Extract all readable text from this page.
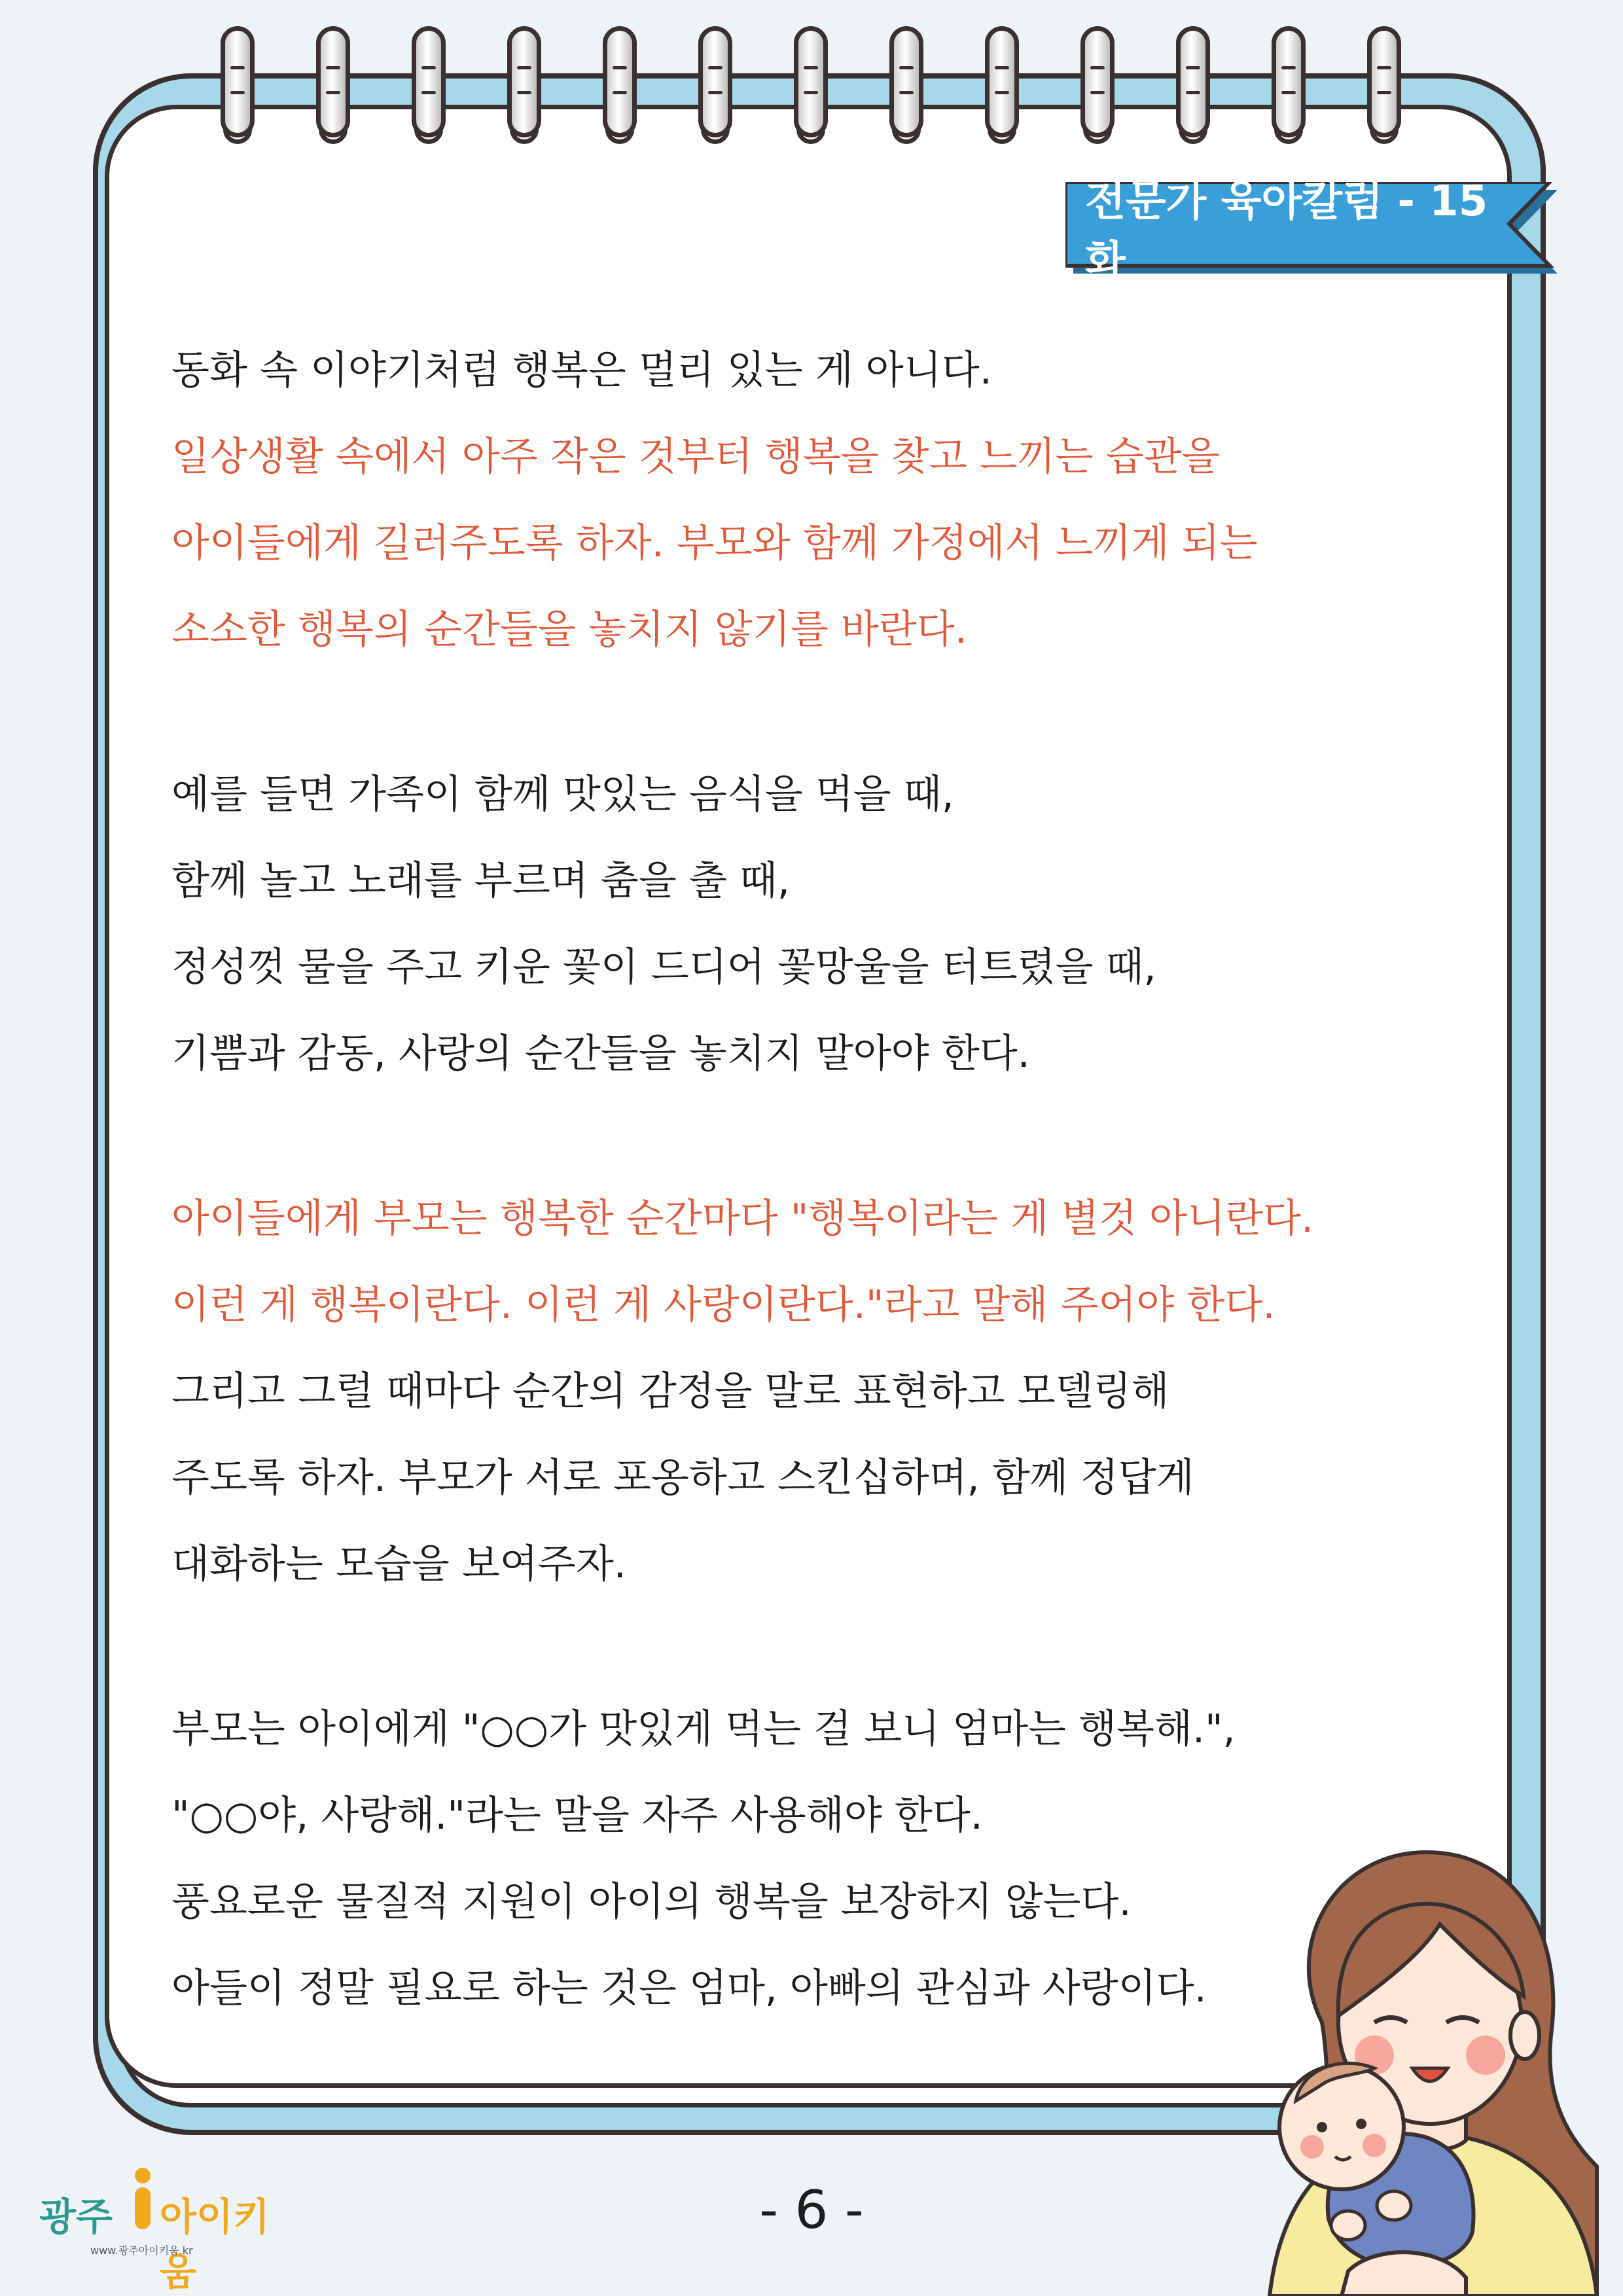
전문가 육아칼럼 - 15화
동화 속 이야기처럼 행복은 멀리 있는 게 아니다.
일상생활 속에서 아주 작은 것부터 행복을 찾고 느끼는 습관을
아이들에게 길러주도록 하자. 부모와 함께 가정에서 느끼게 되는
소소한 행복의 순간들을 놓치지 않기를 바란다.
예를 들면 가족이 함께 맛있는 음식을 먹을 때,
함께 놀고 노래를 부르며 춤을 출 때,
정성껏 물을 주고 키운 꽃이 드디어 꽃망울을 터트렸을 때,
기쁨과 감동, 사랑의 순간들을 놓치지 말아야 한다.
아이들에게 부모는 행복한 순간마다 "행복이라는 게 별것 아니란다.
이런 게 행복이란다. 이런 게 사랑이란다."라고 말해 주어야 한다.
그리고 그럴 때마다 순간의 감정을 말로 표현하고 모델링해
주도록 하자. 부모가 서로 포옹하고 스킨십하며, 함께 정답게
대화하는 모습을 보여주자.
부모는 아이에게 "○○가 맛있게 먹는 걸 보니 엄마는 행복해.",
"○○야, 사랑해."라는 말을 자주 사용해야 한다.
풍요로운 물질적 지원이 아이의 행복을 보장하지 않는다.
아들이 정말 필요로 하는 것은 엄마, 아빠의 관심과 사랑이다.
광주 아이키움
www.광주아이키움.kr
- 6 -
